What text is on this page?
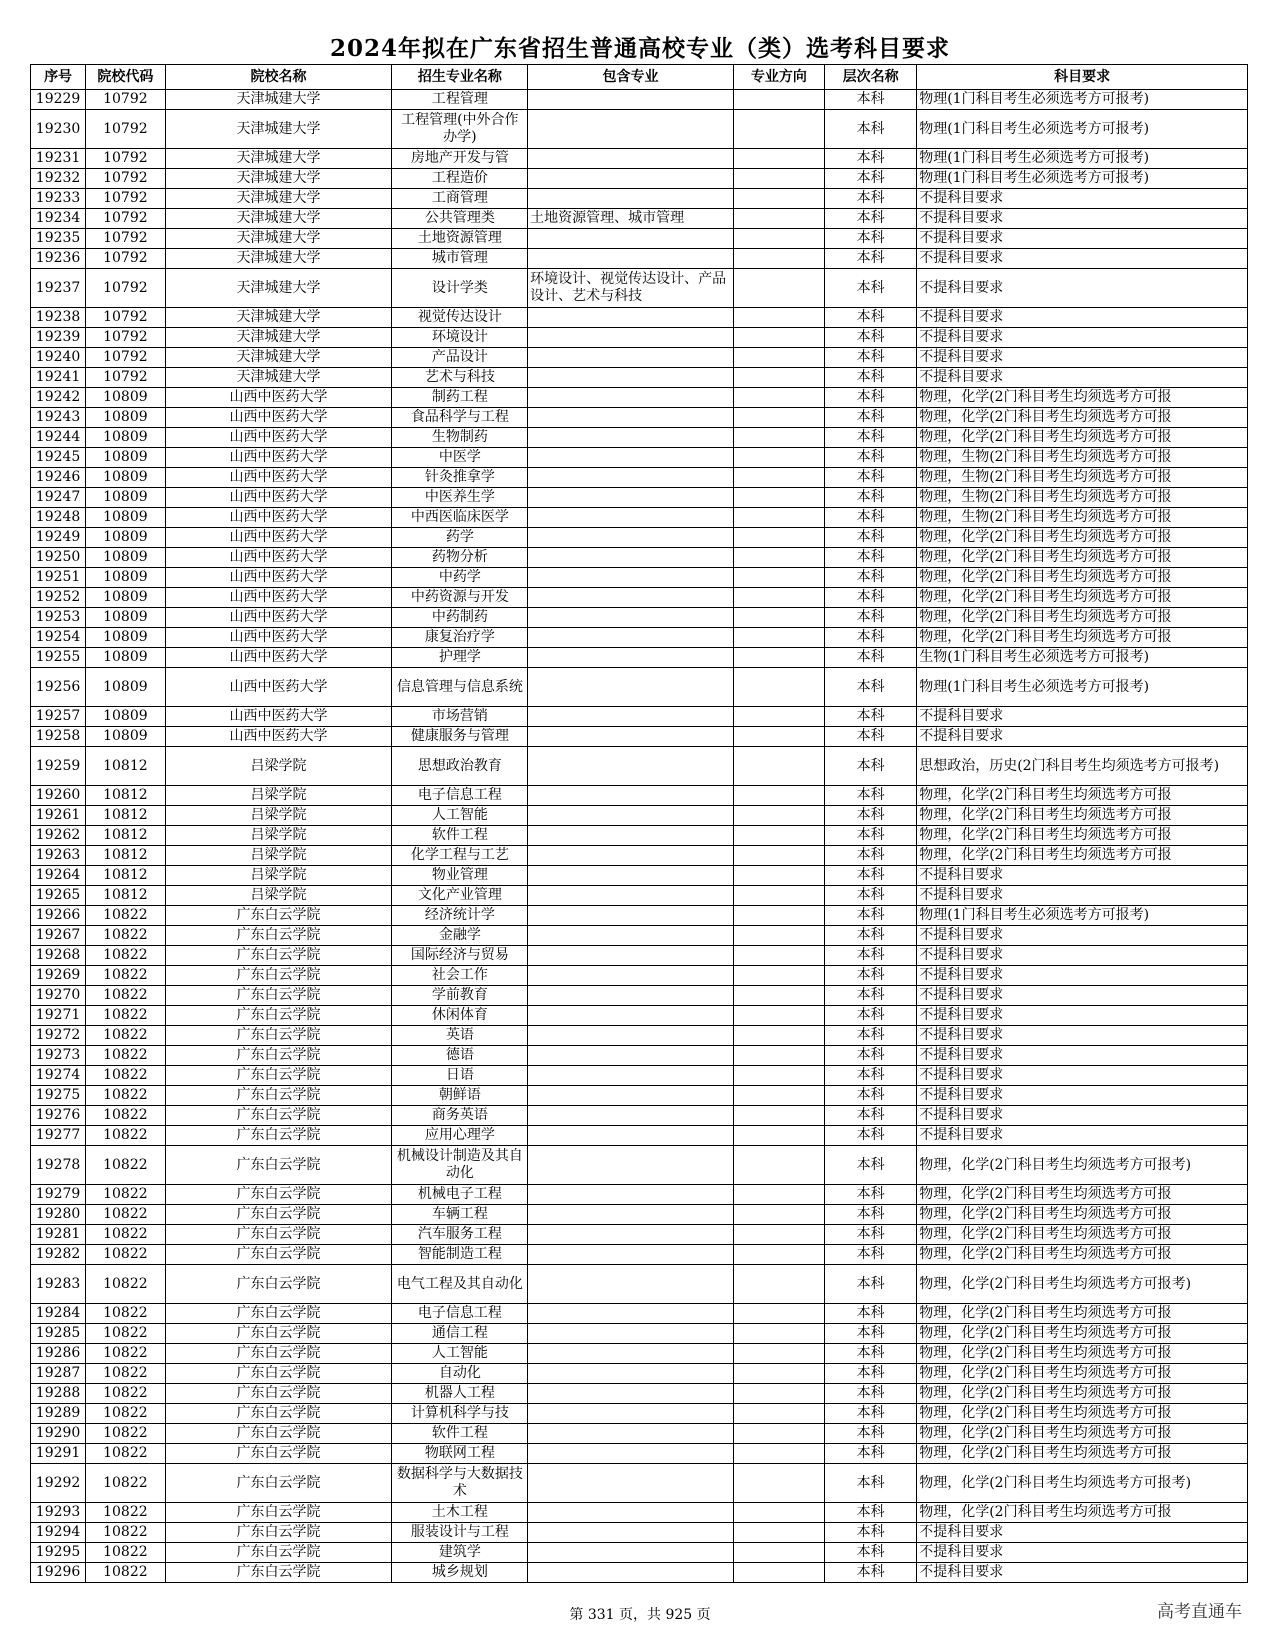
2024年拟在广东省招生普通高校专业（类）选考科目要求
序号	院校代码	院校名称	招生专业名称	包含专业	专业方向	层次名称	科目要求
19229	10792	天津城建大学	工程管理			本科	物理(1门科目考生必须选考方可报考)
19230	10792	天津城建大学	工程管理(中外合作办学)			本科	物理(1门科目考生必须选考方可报考)
19231	10792	天津城建大学	房地产开发与管			本科	物理(1门科目考生必须选考方可报考)
19232	10792	天津城建大学	工程造价			本科	物理(1门科目考生必须选考方可报考)
19233	10792	天津城建大学	工商管理			本科	不提科目要求
19234	10792	天津城建大学	公共管理类	土地资源管理、城市管理		本科	不提科目要求
19235	10792	天津城建大学	土地资源管理			本科	不提科目要求
19236	10792	天津城建大学	城市管理			本科	不提科目要求
19237	10792	天津城建大学	设计学类	环境设计、视觉传达设计、产品设计、艺术与科技		本科	不提科目要求
19238	10792	天津城建大学	视觉传达设计			本科	不提科目要求
19239	10792	天津城建大学	环境设计			本科	不提科目要求
19240	10792	天津城建大学	产品设计			本科	不提科目要求
19241	10792	天津城建大学	艺术与科技			本科	不提科目要求
19242	10809	山西中医药大学	制药工程			本科	物理，化学(2门科目考生均须选考方可报
19243	10809	山西中医药大学	食品科学与工程			本科	物理，化学(2门科目考生均须选考方可报
19244	10809	山西中医药大学	生物制药			本科	物理，化学(2门科目考生均须选考方可报
19245	10809	山西中医药大学	中医学			本科	物理，生物(2门科目考生均须选考方可报
19246	10809	山西中医药大学	针灸推拿学			本科	物理，生物(2门科目考生均须选考方可报
19247	10809	山西中医药大学	中医养生学			本科	物理，生物(2门科目考生均须选考方可报
19248	10809	山西中医药大学	中西医临床医学			本科	物理，生物(2门科目考生均须选考方可报
19249	10809	山西中医药大学	药学			本科	物理，化学(2门科目考生均须选考方可报
19250	10809	山西中医药大学	药物分析			本科	物理，化学(2门科目考生均须选考方可报
19251	10809	山西中医药大学	中药学			本科	物理，化学(2门科目考生均须选考方可报
19252	10809	山西中医药大学	中药资源与开发			本科	物理，化学(2门科目考生均须选考方可报
19253	10809	山西中医药大学	中药制药			本科	物理，化学(2门科目考生均须选考方可报
19254	10809	山西中医药大学	康复治疗学			本科	物理，化学(2门科目考生均须选考方可报
19255	10809	山西中医药大学	护理学			本科	生物(1门科目考生必须选考方可报考)
19256	10809	山西中医药大学	信息管理与信息系统			本科	物理(1门科目考生必须选考方可报考)
19257	10809	山西中医药大学	市场营销			本科	不提科目要求
19258	10809	山西中医药大学	健康服务与管理			本科	不提科目要求
19259	10812	吕梁学院	思想政治教育			本科	思想政治，历史(2门科目考生均须选考方可报考)
19260	10812	吕梁学院	电子信息工程			本科	物理，化学(2门科目考生均须选考方可报
19261	10812	吕梁学院	人工智能			本科	物理，化学(2门科目考生均须选考方可报
19262	10812	吕梁学院	软件工程			本科	物理，化学(2门科目考生均须选考方可报
19263	10812	吕梁学院	化学工程与工艺			本科	物理，化学(2门科目考生均须选考方可报
19264	10812	吕梁学院	物业管理			本科	不提科目要求
19265	10812	吕梁学院	文化产业管理			本科	不提科目要求
19266	10822	广东白云学院	经济统计学			本科	物理(1门科目考生必须选考方可报考)
19267	10822	广东白云学院	金融学			本科	不提科目要求
19268	10822	广东白云学院	国际经济与贸易			本科	不提科目要求
19269	10822	广东白云学院	社会工作			本科	不提科目要求
19270	10822	广东白云学院	学前教育			本科	不提科目要求
19271	10822	广东白云学院	休闲体育			本科	不提科目要求
19272	10822	广东白云学院	英语			本科	不提科目要求
19273	10822	广东白云学院	德语			本科	不提科目要求
19274	10822	广东白云学院	日语			本科	不提科目要求
19275	10822	广东白云学院	朝鲜语			本科	不提科目要求
19276	10822	广东白云学院	商务英语			本科	不提科目要求
19277	10822	广东白云学院	应用心理学			本科	不提科目要求
19278	10822	广东白云学院	机械设计制造及其自动化			本科	物理，化学(2门科目考生均须选考方可报考)
19279	10822	广东白云学院	机械电子工程			本科	物理，化学(2门科目考生均须选考方可报
19280	10822	广东白云学院	车辆工程			本科	物理，化学(2门科目考生均须选考方可报
19281	10822	广东白云学院	汽车服务工程			本科	物理，化学(2门科目考生均须选考方可报
19282	10822	广东白云学院	智能制造工程			本科	物理，化学(2门科目考生均须选考方可报
19283	10822	广东白云学院	电气工程及其自动化			本科	物理，化学(2门科目考生均须选考方可报考)
19284	10822	广东白云学院	电子信息工程			本科	物理，化学(2门科目考生均须选考方可报
19285	10822	广东白云学院	通信工程			本科	物理，化学(2门科目考生均须选考方可报
19286	10822	广东白云学院	人工智能			本科	物理，化学(2门科目考生均须选考方可报
19287	10822	广东白云学院	自动化			本科	物理，化学(2门科目考生均须选考方可报
19288	10822	广东白云学院	机器人工程			本科	物理，化学(2门科目考生均须选考方可报
19289	10822	广东白云学院	计算机科学与技			本科	物理，化学(2门科目考生均须选考方可报
19290	10822	广东白云学院	软件工程			本科	物理，化学(2门科目考生均须选考方可报
19291	10822	广东白云学院	物联网工程			本科	物理，化学(2门科目考生均须选考方可报
19292	10822	广东白云学院	数据科学与大数据技术			本科	物理，化学(2门科目考生均须选考方可报考)
19293	10822	广东白云学院	土木工程			本科	物理，化学(2门科目考生均须选考方可报
19294	10822	广东白云学院	服装设计与工程			本科	不提科目要求
19295	10822	广东白云学院	建筑学			本科	不提科目要求
19296	10822	广东白云学院	城乡规划			本科	不提科目要求
第 331 页，共 925 页	高考直通车
